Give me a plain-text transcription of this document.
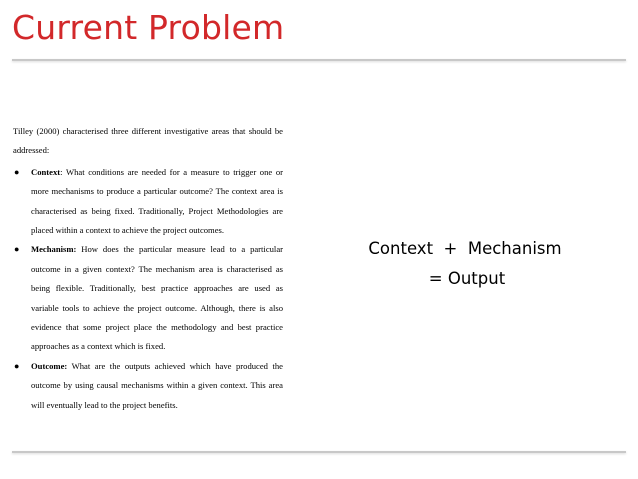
Current Problem

Tilley (2000) characterised three different investigative areas that should be addressed:

● Context: What conditions are needed for a measure to trigger one or more mechanisms to produce a particular outcome? The context area is characterised as being fixed. Traditionally, Project Methodologies are placed within a context to achieve the project outcomes.
● Mechanism: How does the particular measure lead to a particular outcome in a given context? The mechanism area is characterised as being flexible. Traditionally, best practice approaches are used as variable tools to achieve the project outcome. Although, there is also evidence that some project place the methodology and best practice approaches as a context which is fixed.
● Outcome: What are the outputs achieved which have produced the outcome by using causal mechanisms within a given context. This area will eventually lead to the project benefits.
Context  +  Mechanism
= Output
